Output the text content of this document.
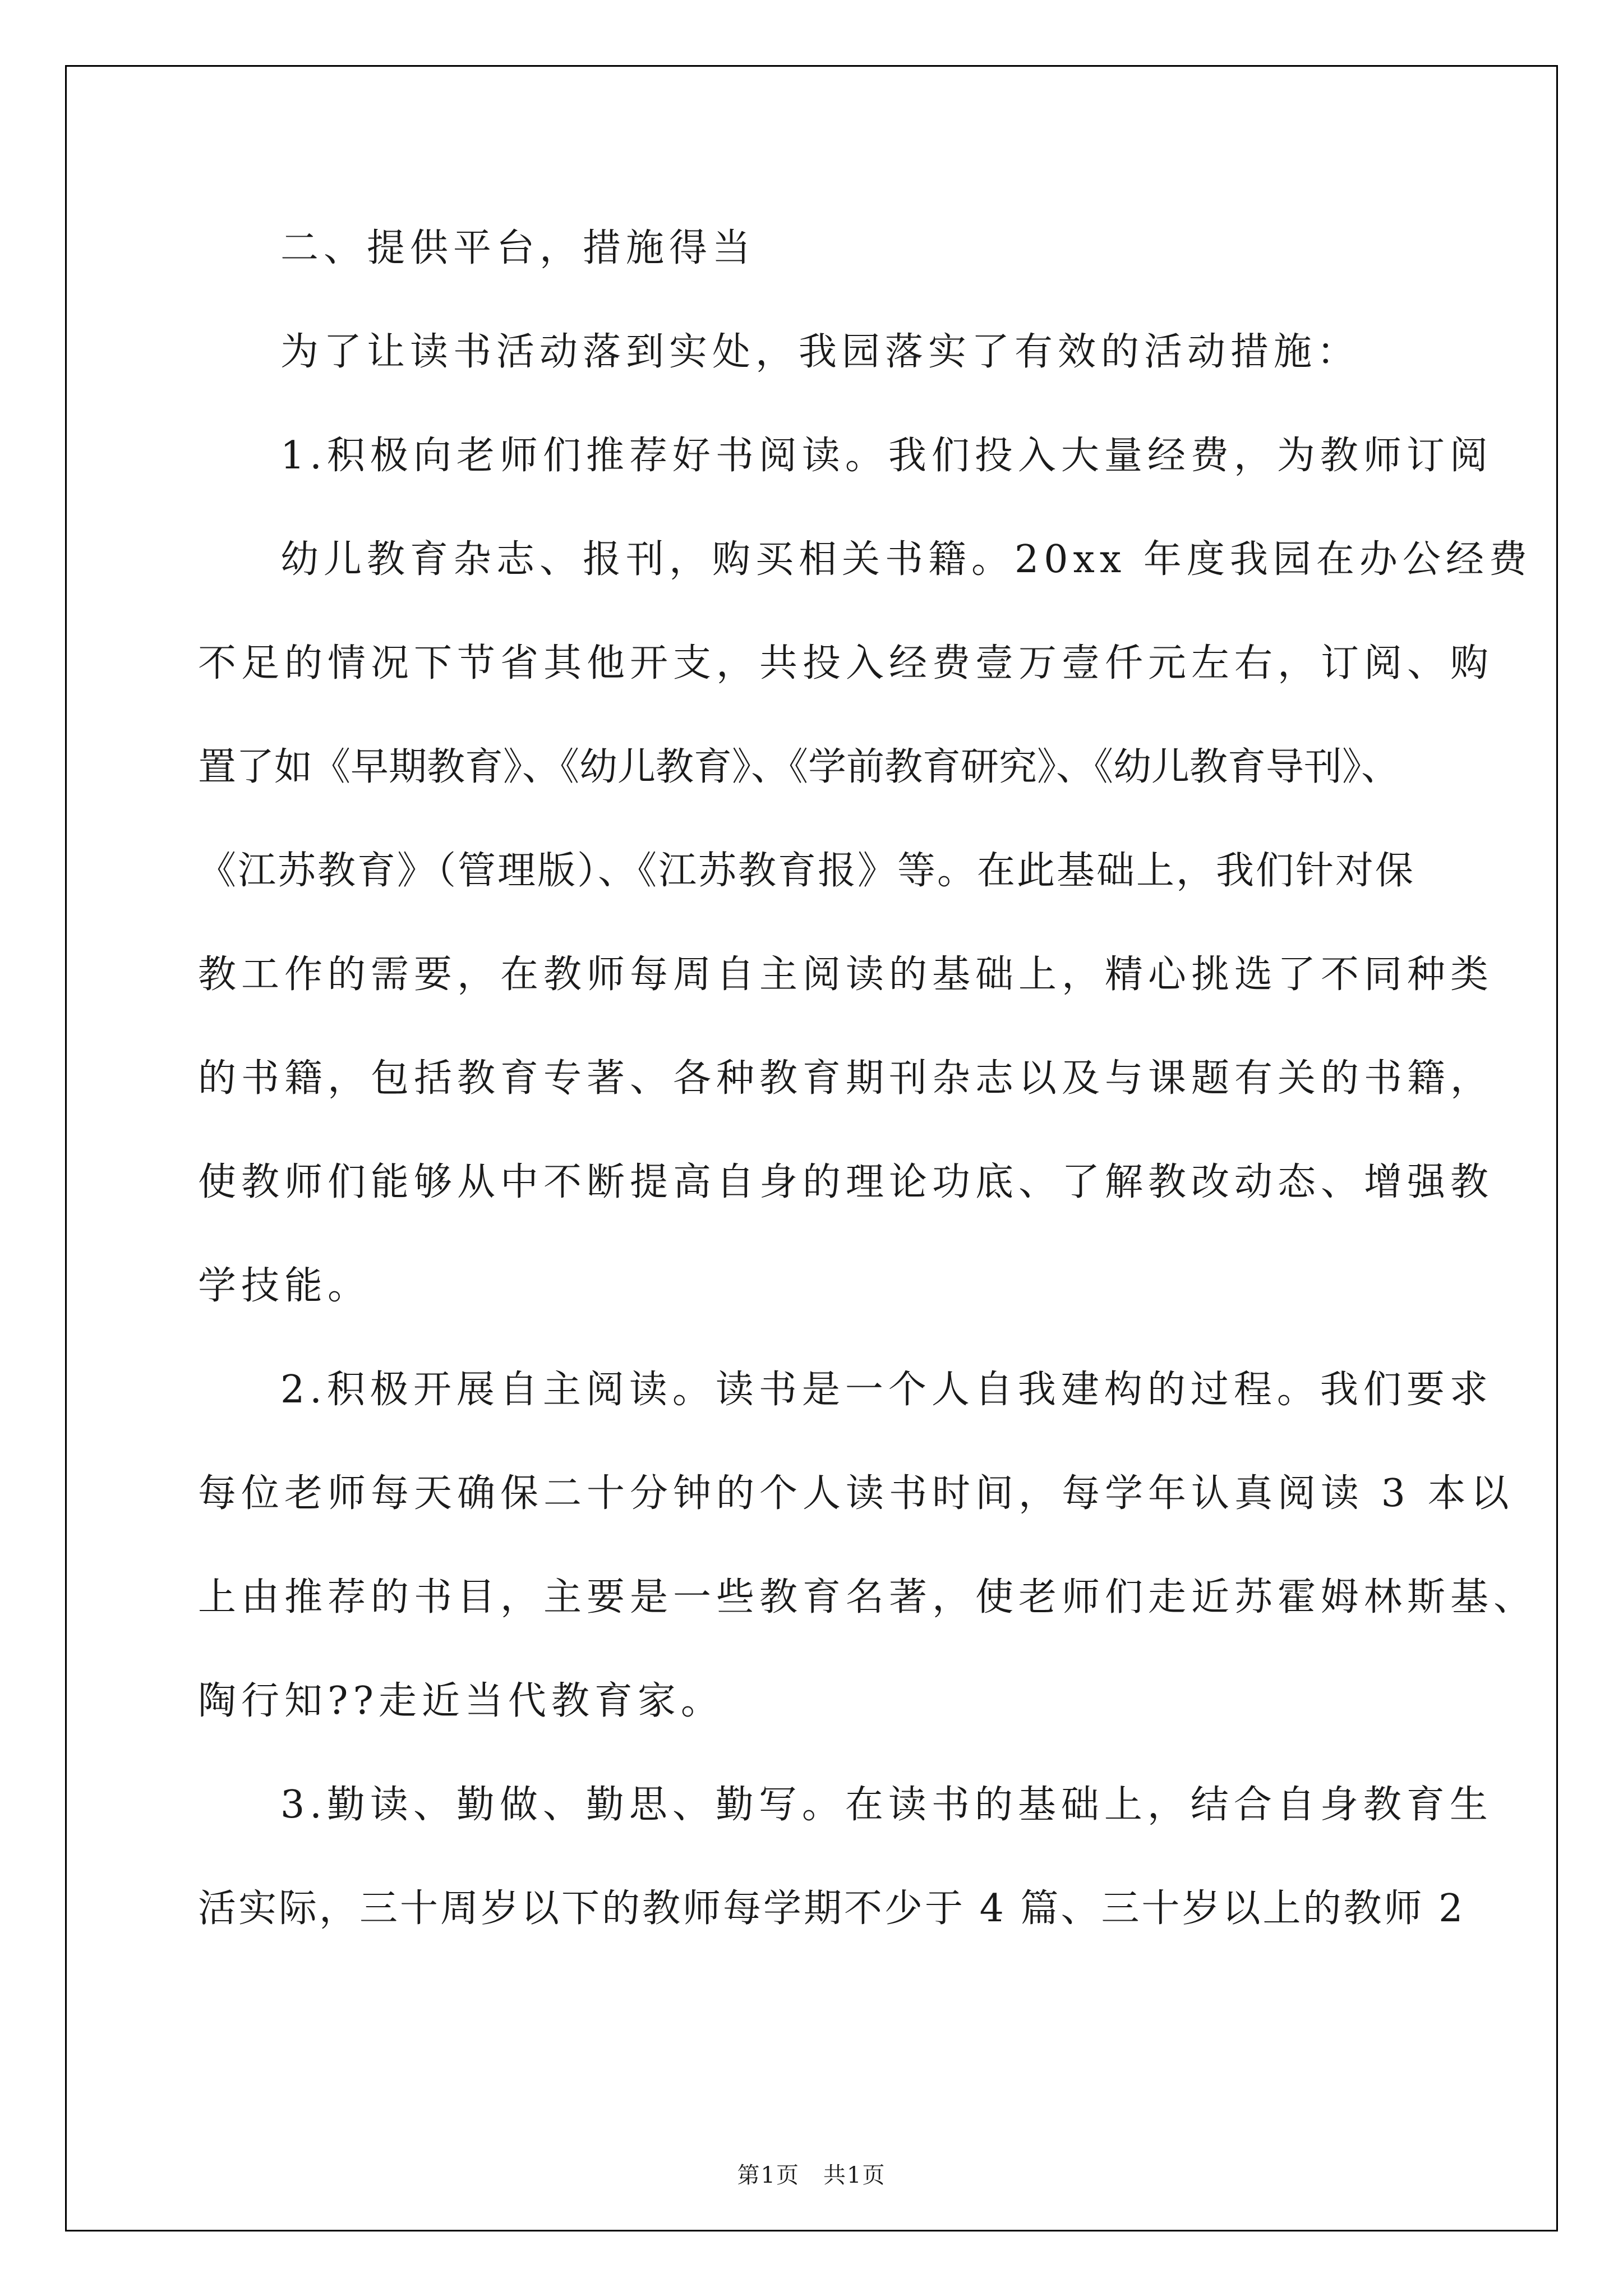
二、提供平台，措施得当
为了让读书活动落到实处，我园落实了有效的活动措施：
1.积极向老师们推荐好书阅读。我们投入大量经费，为教师订阅
幼儿教育杂志、报刊，购买相关书籍。20xx 年度我园在办公经费
不足的情况下节省其他开支，共投入经费壹万壹仟元左右，订阅、购
置了如《早期教育》、《幼儿教育》、《学前教育研究》、《幼儿教育导刊》、
《江苏教育》（管理版）、《江苏教育报》等。在此基础上，我们针对保
教工作的需要，在教师每周自主阅读的基础上，精心挑选了不同种类
的书籍，包括教育专著、各种教育期刊杂志以及与课题有关的书籍，
使教师们能够从中不断提高自身的理论功底、了解教改动态、增强教
学技能。
2.积极开展自主阅读。读书是一个人自我建构的过程。我们要求
每位老师每天确保二十分钟的个人读书时间，每学年认真阅读 3 本以
上由推荐的书目，主要是一些教育名著，使老师们走近苏霍姆林斯基、
陶行知??走近当代教育家。
3.勤读、勤做、勤思、勤写。在读书的基础上，结合自身教育生
活实际，三十周岁以下的教师每学期不少于 4 篇、三十岁以上的教师 2
第1页　共1页
